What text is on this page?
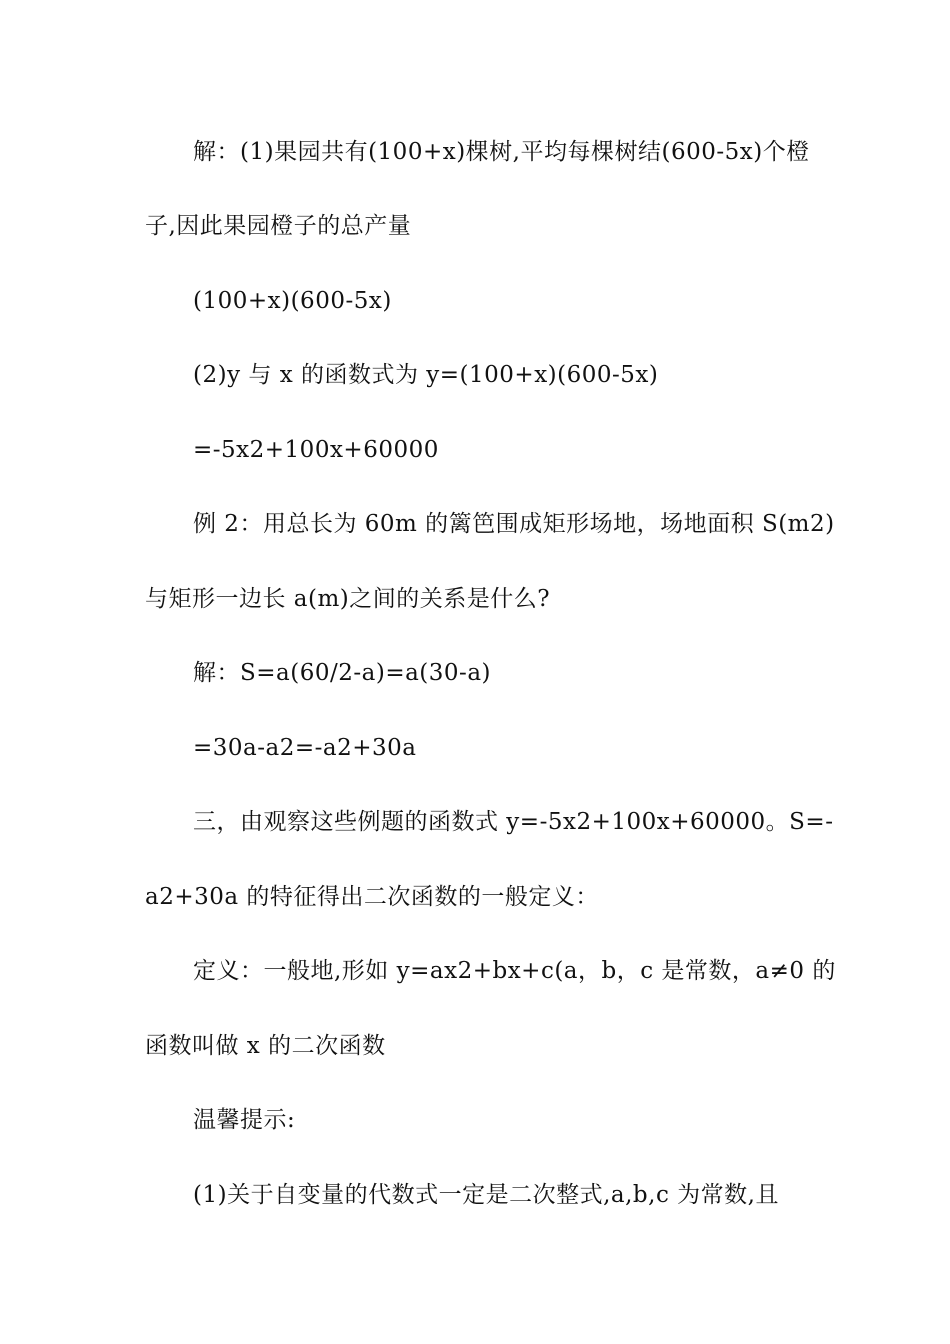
解：(1)果园共有(100+x)棵树,平均每棵树结(600-5x)个橙
子,因此果园橙子的总产量
(100+x)(600-5x)
(2)y 与 x 的函数式为 y=(100+x)(600-5x)
=-5x2+100x+60000
例 2：用总长为 60m 的篱笆围成矩形场地，场地面积 S(m2)
与矩形一边长 a(m)之间的关系是什么?
解：S=a(60/2-a)=a(30-a)
=30a-a2=-a2+30a
三，由观察这些例题的函数式 y=-5x2+100x+60000。S=-
a2+30a 的特征得出二次函数的一般定义：
定义：一般地,形如 y=ax2+bx+c(a，b，c 是常数，a≠0 的
函数叫做 x 的二次函数
温馨提示:
(1)关于自变量的代数式一定是二次整式,a,b,c 为常数,且
